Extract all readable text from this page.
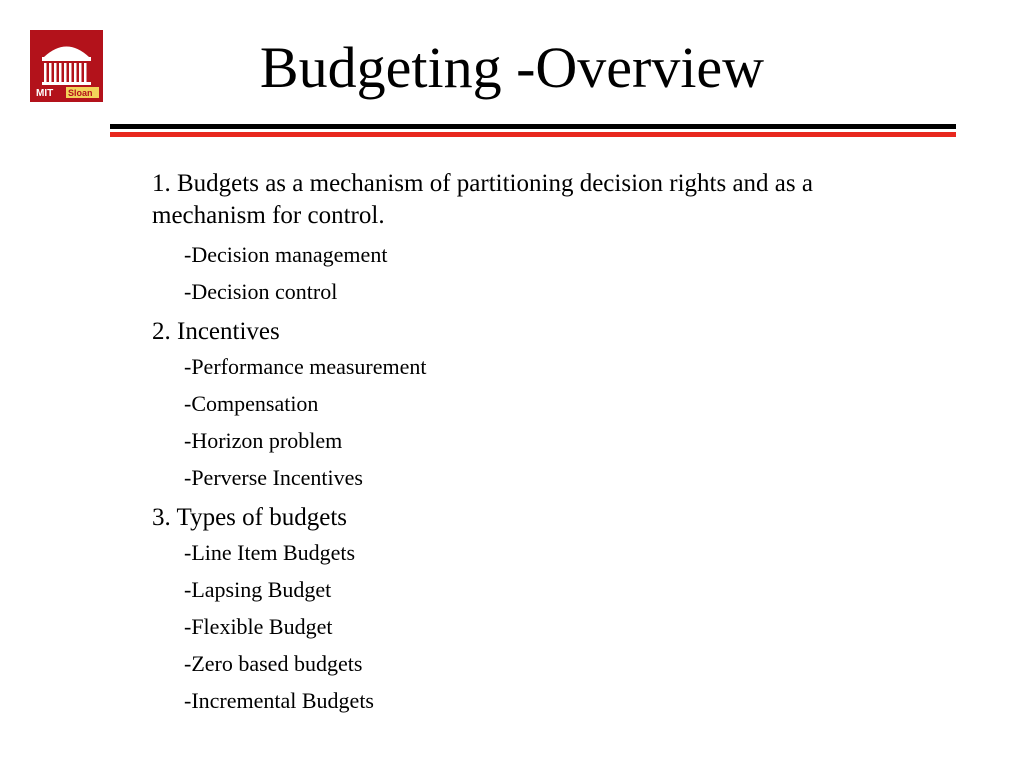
MIT Sloan	Budgeting -Overview

1. Budgets as a mechanism of partitioning decision rights and as a mechanism for control.

-Decision management

-Decision control

2. Incentives

-Performance measurement

-Compensation

-Horizon problem

-Perverse Incentives

3. Types of budgets

-Line Item Budgets

-Lapsing Budget

-Flexible Budget

-Zero based budgets

-Incremental Budgets
